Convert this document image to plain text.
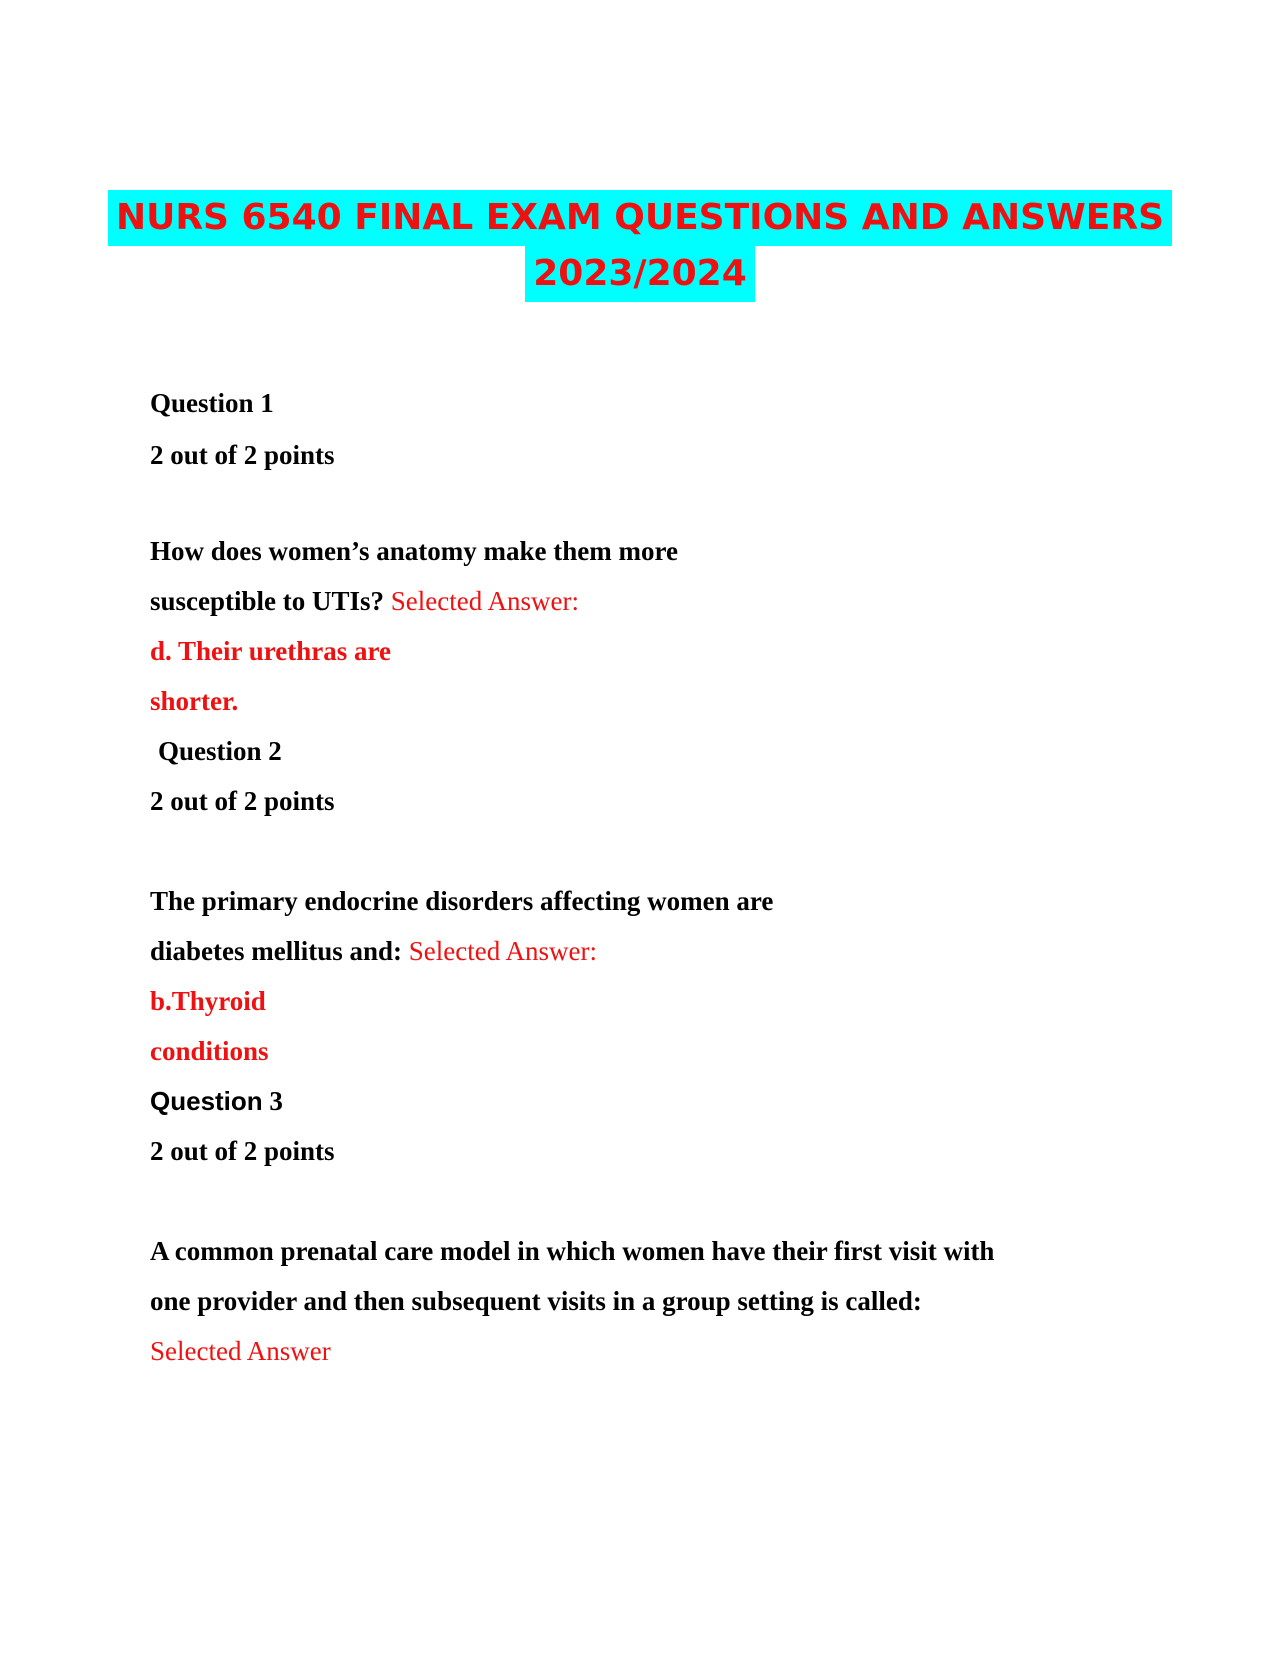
NURS 6540 FINAL EXAM QUESTIONS AND ANSWERS
2023/2024
Question 1
2 out of 2 points
How does women’s anatomy make them more
susceptible to UTIs? Selected Answer:
d. Their urethras are
shorter.
Question 2
2 out of 2 points
The primary endocrine disorders affecting women are
diabetes mellitus and: Selected Answer:
b.Thyroid
conditions
Question 3
2 out of 2 points
A common prenatal care model in which women have their first visit with
one provider and then subsequent visits in a group setting is called:
Selected Answer
